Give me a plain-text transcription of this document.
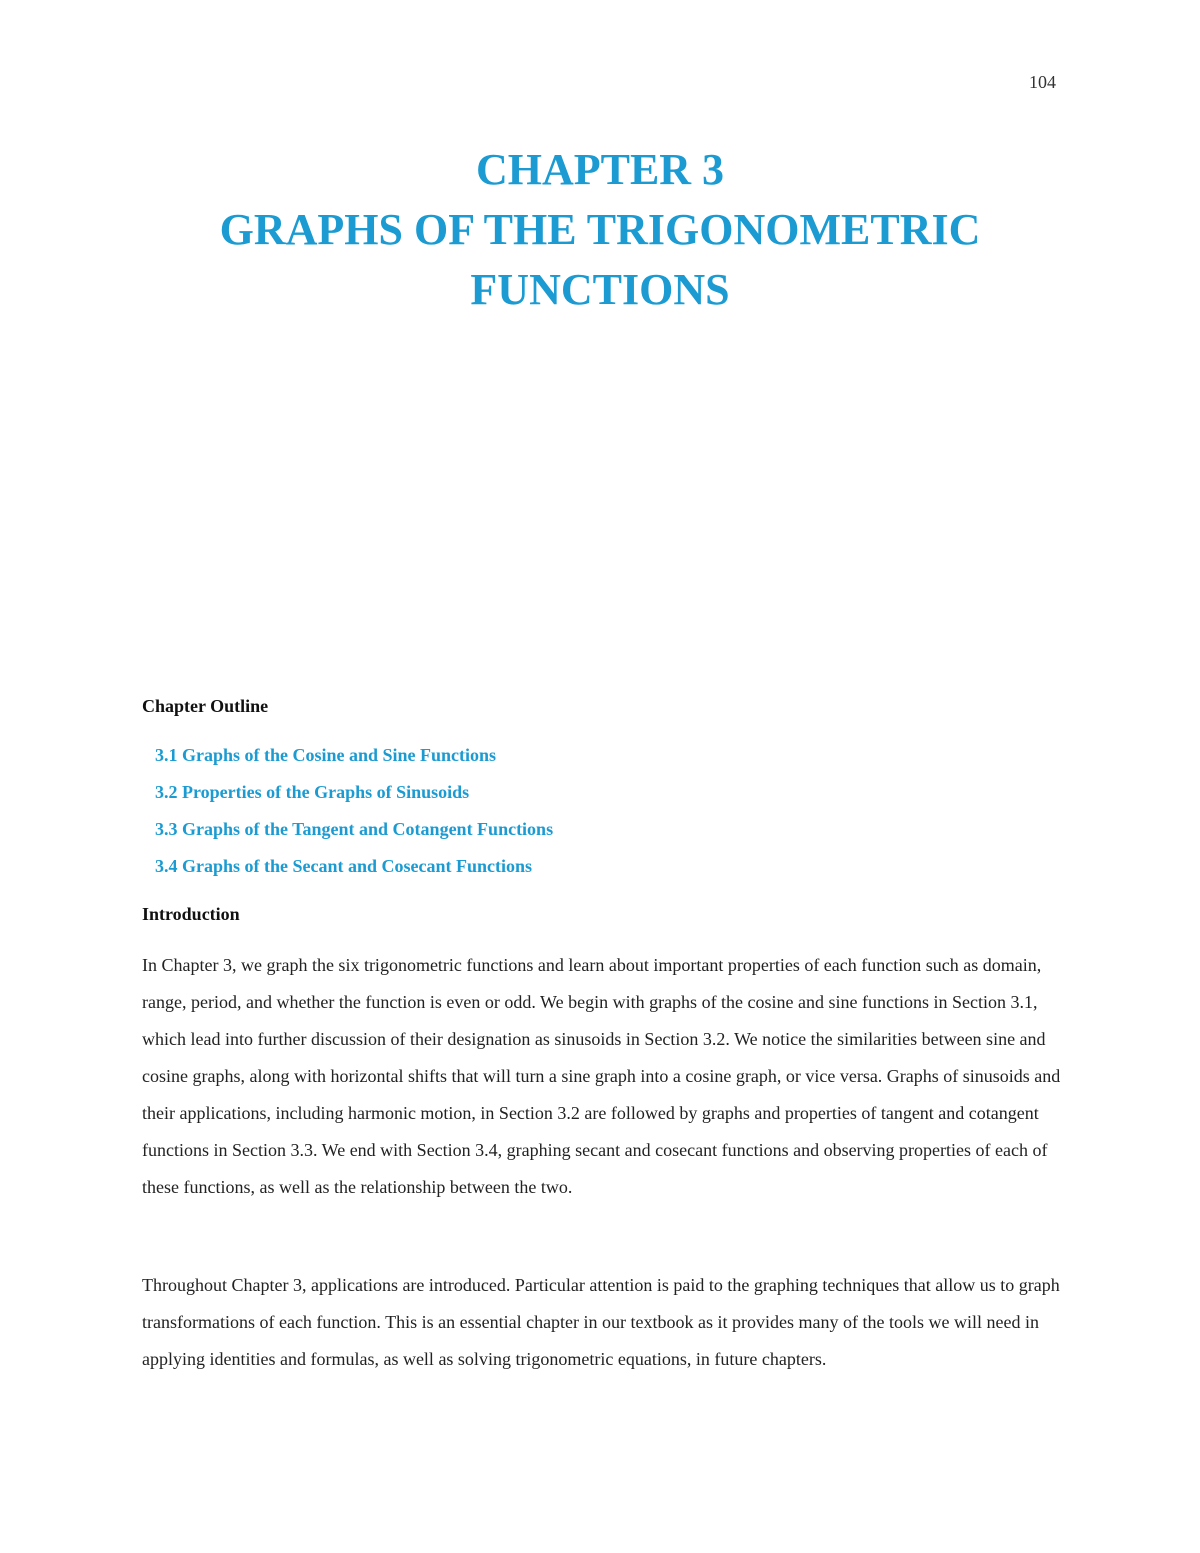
104
CHAPTER 3
GRAPHS OF THE TRIGONOMETRIC
FUNCTIONS
Chapter Outline
3.1 Graphs of the Cosine and Sine Functions
3.2 Properties of the Graphs of Sinusoids
3.3 Graphs of the Tangent and Cotangent Functions
3.4 Graphs of the Secant and Cosecant Functions
Introduction

In Chapter 3, we graph the six trigonometric functions and learn about important properties of each function such as domain, range, period, and whether the function is even or odd. We begin with graphs of the cosine and sine functions in Section 3.1, which lead into further discussion of their designation as sinusoids in Section 3.2. We notice the similarities between sine and cosine graphs, along with horizontal shifts that will turn a sine graph into a cosine graph, or vice versa. Graphs of sinusoids and their applications, including harmonic motion, in Section 3.2 are followed by graphs and properties of tangent and cotangent functions in Section 3.3. We end with Section 3.4, graphing secant and cosecant functions and observing properties of each of these functions, as well as the relationship between the two.

Throughout Chapter 3, applications are introduced. Particular attention is paid to the graphing techniques that allow us to graph transformations of each function. This is an essential chapter in our textbook as it provides many of the tools we will need in applying identities and formulas, as well as solving trigonometric equations, in future chapters.
